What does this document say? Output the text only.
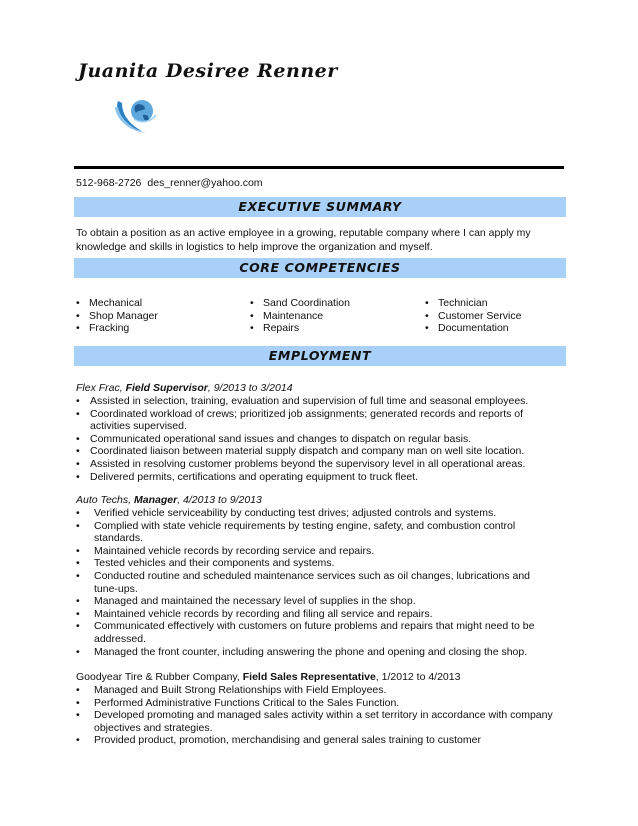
Juanita Desiree Renner
512-968-2726 des_renner@yahoo.com
EXECUTIVE SUMMARY
To obtain a position as an active employee in a growing, reputable company where I can apply my knowledge and skills in logistics to help improve the organization and myself.
CORE COMPETENCIES
• Mechanical
• Shop Manager
• Fracking
• Sand Coordination
• Maintenance
• Repairs
• Technician
• Customer Service
• Documentation
EMPLOYMENT
Flex Frac, Field Supervisor, 9/2013 to 3/2014
• Assisted in selection, training, evaluation and supervision of full time and seasonal employees.
• Coordinated workload of crews; prioritized job assignments; generated records and reports of activities supervised.
• Communicated operational sand issues and changes to dispatch on regular basis.
• Coordinated liaison between material supply dispatch and company man on well site location.
• Assisted in resolving customer problems beyond the supervisory level in all operational areas.
• Delivered permits, certifications and operating equipment to truck fleet.
Auto Techs, Manager, 4/2013 to 9/2013
• Verified vehicle serviceability by conducting test drives; adjusted controls and systems.
• Complied with state vehicle requirements by testing engine, safety, and combustion control standards.
• Maintained vehicle records by recording service and repairs.
• Tested vehicles and their components and systems.
• Conducted routine and scheduled maintenance services such as oil changes, lubrications and tune-ups.
• Managed and maintained the necessary level of supplies in the shop.
• Maintained vehicle records by recording and filing all service and repairs.
• Communicated effectively with customers on future problems and repairs that might need to be addressed.
• Managed the front counter, including answering the phone and opening and closing the shop.
Goodyear Tire & Rubber Company, Field Sales Representative, 1/2012 to 4/2013
• Managed and Built Strong Relationships with Field Employees.
• Performed Administrative Functions Critical to the Sales Function.
• Developed promoting and managed sales activity within a set territory in accordance with company objectives and strategies.
• Provided product, promotion, merchandising and general sales training to customer
